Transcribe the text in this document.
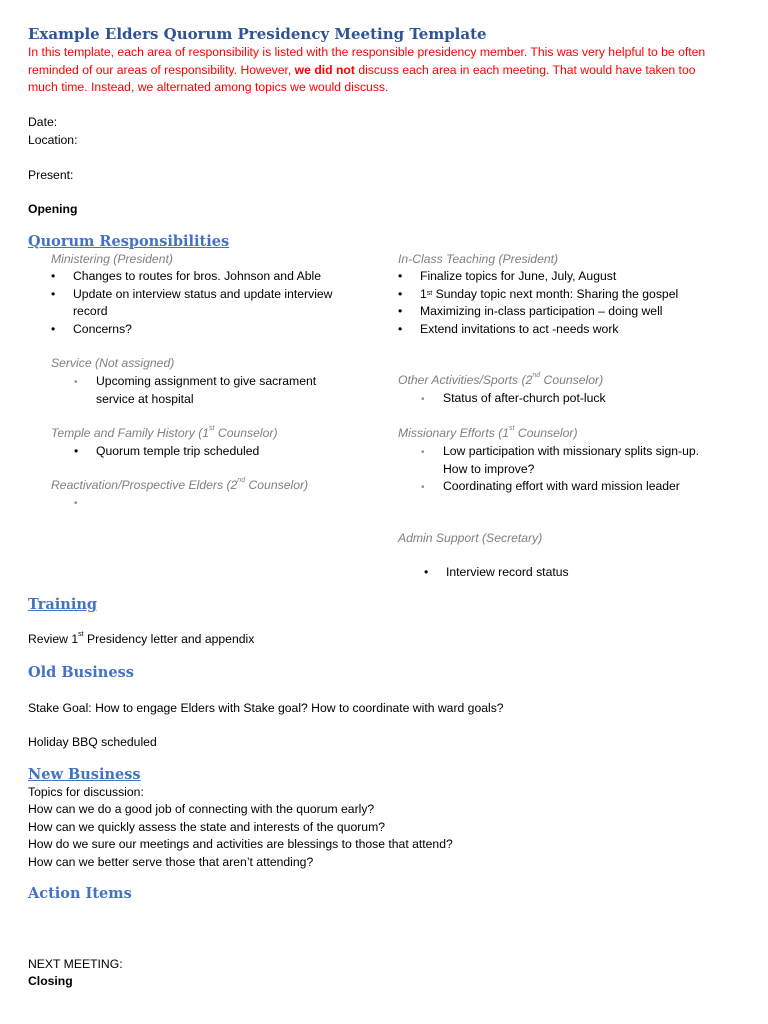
Example Elders Quorum Presidency Meeting Template
In this template, each area of responsibility is listed with the responsible presidency member. This was very helpful to be often reminded of our areas of responsibility. However, we did not discuss each area in each meeting. That would have taken too much time. Instead, we alternated among topics we would discuss.
Date:
Location:
Present:
Opening
Quorum Responsibilities
Ministering (President)
• Changes to routes for bros. Johnson and Able
• Update on interview status and update interview record
• Concerns?
Service (Not assigned)
• Upcoming assignment to give sacrament service at hospital
Temple and Family History (1st Counselor)
• Quorum temple trip scheduled
Reactivation/Prospective Elders (2nd Counselor)
•

In-Class Teaching (President)
• Finalize topics for June, July, August
• 1st Sunday topic next month: Sharing the gospel
• Maximizing in-class participation – doing well
• Extend invitations to act -needs work
Other Activities/Sports (2nd Counselor)
• Status of after-church pot-luck
Missionary Efforts (1st Counselor)
• Low participation with missionary splits sign-up. How to improve?
• Coordinating effort with ward mission leader
Admin Support (Secretary)
• Interview record status
Training
Review 1st Presidency letter and appendix
Old Business
Stake Goal: How to engage Elders with Stake goal? How to coordinate with ward goals?
Holiday BBQ scheduled
New Business
Topics for discussion:
How can we do a good job of connecting with the quorum early?
How can we quickly assess the state and interests of the quorum?
How do we sure our meetings and activities are blessings to those that attend?
How can we better serve those that aren’t attending?
Action Items
NEXT MEETING:
Closing
